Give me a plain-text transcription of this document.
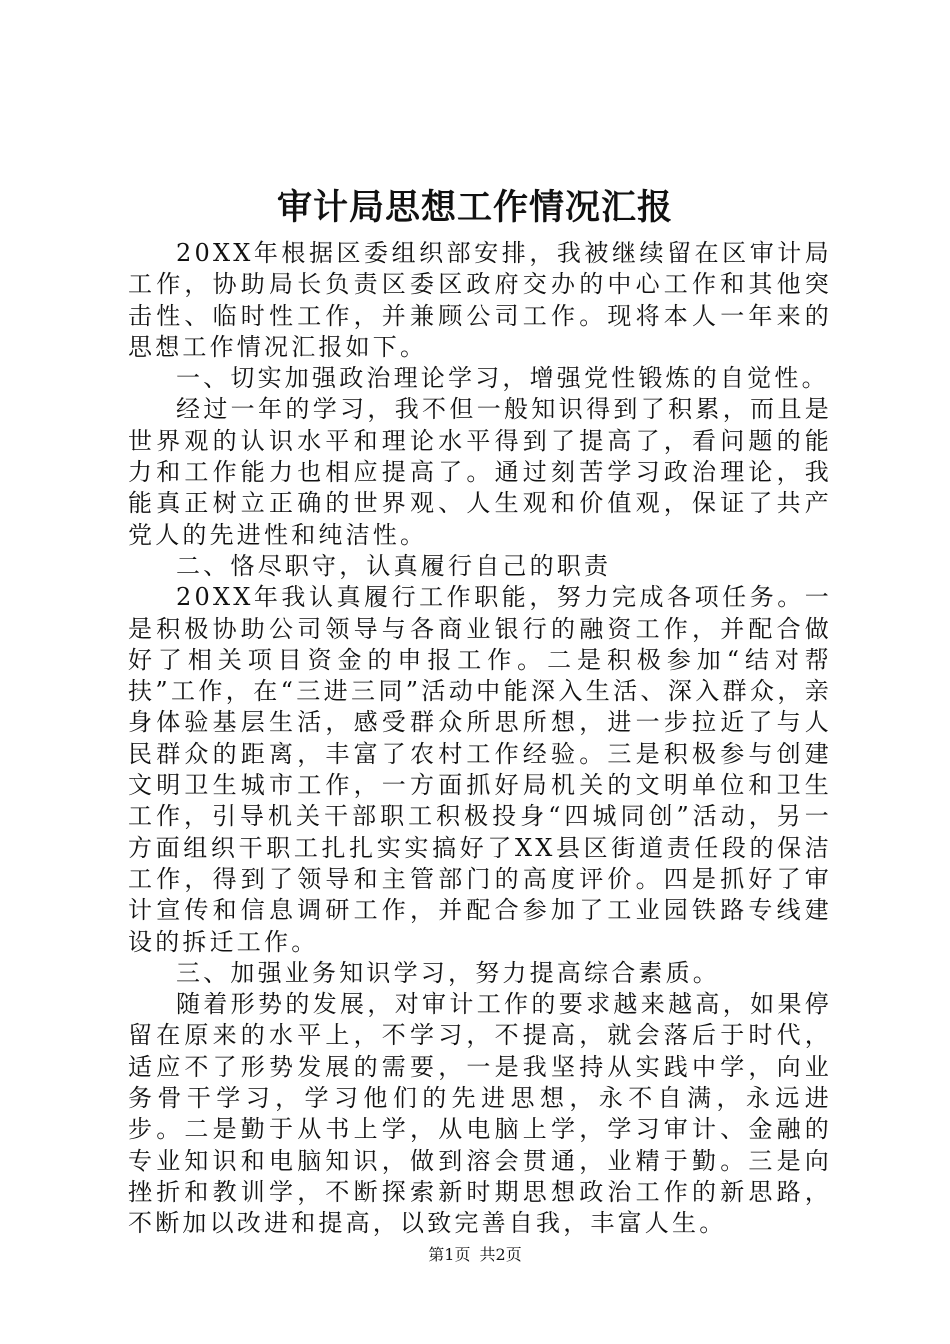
审计局思想工作情况汇报

20XX年根据区委组织部安排，我被继续留在区审计局工作，协助局长负责区委区政府交办的中心工作和其他突击性、临时性工作，并兼顾公司工作。现将本人一年来的思想工作情况汇报如下。

一、切实加强政治理论学习，增强党性锻炼的自觉性。

经过一年的学习，我不但一般知识得到了积累，而且是世界观的认识水平和理论水平得到了提高了，看问题的能力和工作能力也相应提高了。通过刻苦学习政治理论，我能真正树立正确的世界观、人生观和价值观，保证了共产党人的先进性和纯洁性。

二、恪尽职守，认真履行自己的职责

20XX年我认真履行工作职能，努力完成各项任务。一是积极协助公司领导与各商业银行的融资工作，并配合做好了相关项目资金的申报工作。二是积极参加“结对帮扶”工作，在“三进三同”活动中能深入生活、深入群众，亲身体验基层生活，感受群众所思所想，进一步拉近了与人民群众的距离，丰富了农村工作经验。三是积极参与创建文明卫生城市工作，一方面抓好局机关的文明单位和卫生工作，引导机关干部职工积极投身“四城同创”活动，另一方面组织干职工扎扎实实搞好了XX县区街道责任段的保洁工作，得到了领导和主管部门的高度评价。四是抓好了审计宣传和信息调研工作，并配合参加了工业园铁路专线建设的拆迁工作。

三、加强业务知识学习，努力提高综合素质。

随着形势的发展，对审计工作的要求越来越高，如果停留在原来的水平上，不学习，不提高，就会落后于时代，适应不了形势发展的需要，一是我坚持从实践中学，向业务骨干学习，学习他们的先进思想，永不自满，永远进步。二是勤于从书上学，从电脑上学，学习审计、金融的专业知识和电脑知识，做到溶会贯通，业精于勤。三是向挫折和教训学，不断探索新时期思想政治工作的新思路，不断加以改进和提高，以致完善自我，丰富人生。

第1页 共2页
